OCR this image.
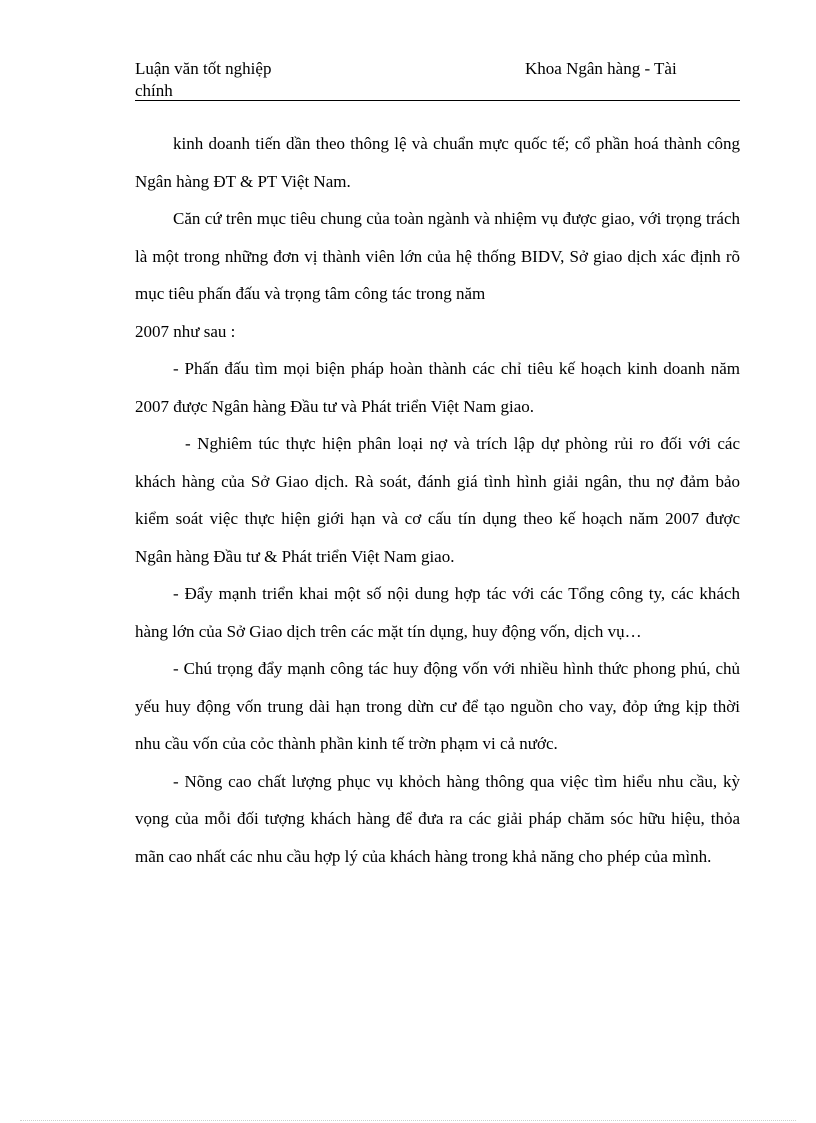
Luận văn tốt nghiệp	Khoa Ngân hàng - Tài
chính

kinh doanh tiến dần theo thông lệ và chuẩn mực quốc tế; cổ phần hoá thành công Ngân hàng ĐT & PT Việt Nam.

Căn cứ trên mục tiêu chung của toàn ngành và nhiệm vụ được giao, với trọng trách là một trong những đơn vị thành viên lớn của hệ thống BIDV, Sở giao dịch xác định rõ mục tiêu phấn đấu và trọng tâm công tác trong năm

2007 như sau :

- Phấn đấu tìm mọi biện pháp hoàn thành các chỉ tiêu kế hoạch kinh doanh năm 2007 được Ngân hàng Đầu tư và Phát triển Việt Nam giao.

- Nghiêm túc thực hiện phân loại nợ và trích lập dự phòng rủi ro đối với các khách hàng của Sở Giao dịch. Rà soát, đánh giá tình hình giải ngân, thu nợ đảm bảo kiểm soát việc thực hiện giới hạn và cơ cấu tín dụng theo kế hoạch năm 2007 được Ngân hàng Đầu tư & Phát triển Việt Nam giao.

- Đẩy mạnh triển khai một số nội dung hợp tác với các Tổng công ty, các khách hàng lớn của Sở Giao dịch trên các mặt tín dụng, huy động vốn, dịch vụ…

- Chú trọng đẩy mạnh công tác huy động vốn với nhiều hình thức phong phú, chủ yếu huy động vốn trung dài hạn trong dừn cư để tạo nguồn cho vay, đỏp ứng kịp thời nhu cầu vốn của cỏc thành phần kinh tế trờn phạm vi cả nước.

- Nõng cao chất lượng phục vụ khỏch hàng thông qua việc tìm hiểu nhu cầu, kỳ vọng của mỗi đối tượng khách hàng để đưa ra các giải pháp chăm sóc hữu hiệu, thỏa mãn cao nhất các nhu cầu hợp lý của khách hàng trong khả năng cho phép của mình.
